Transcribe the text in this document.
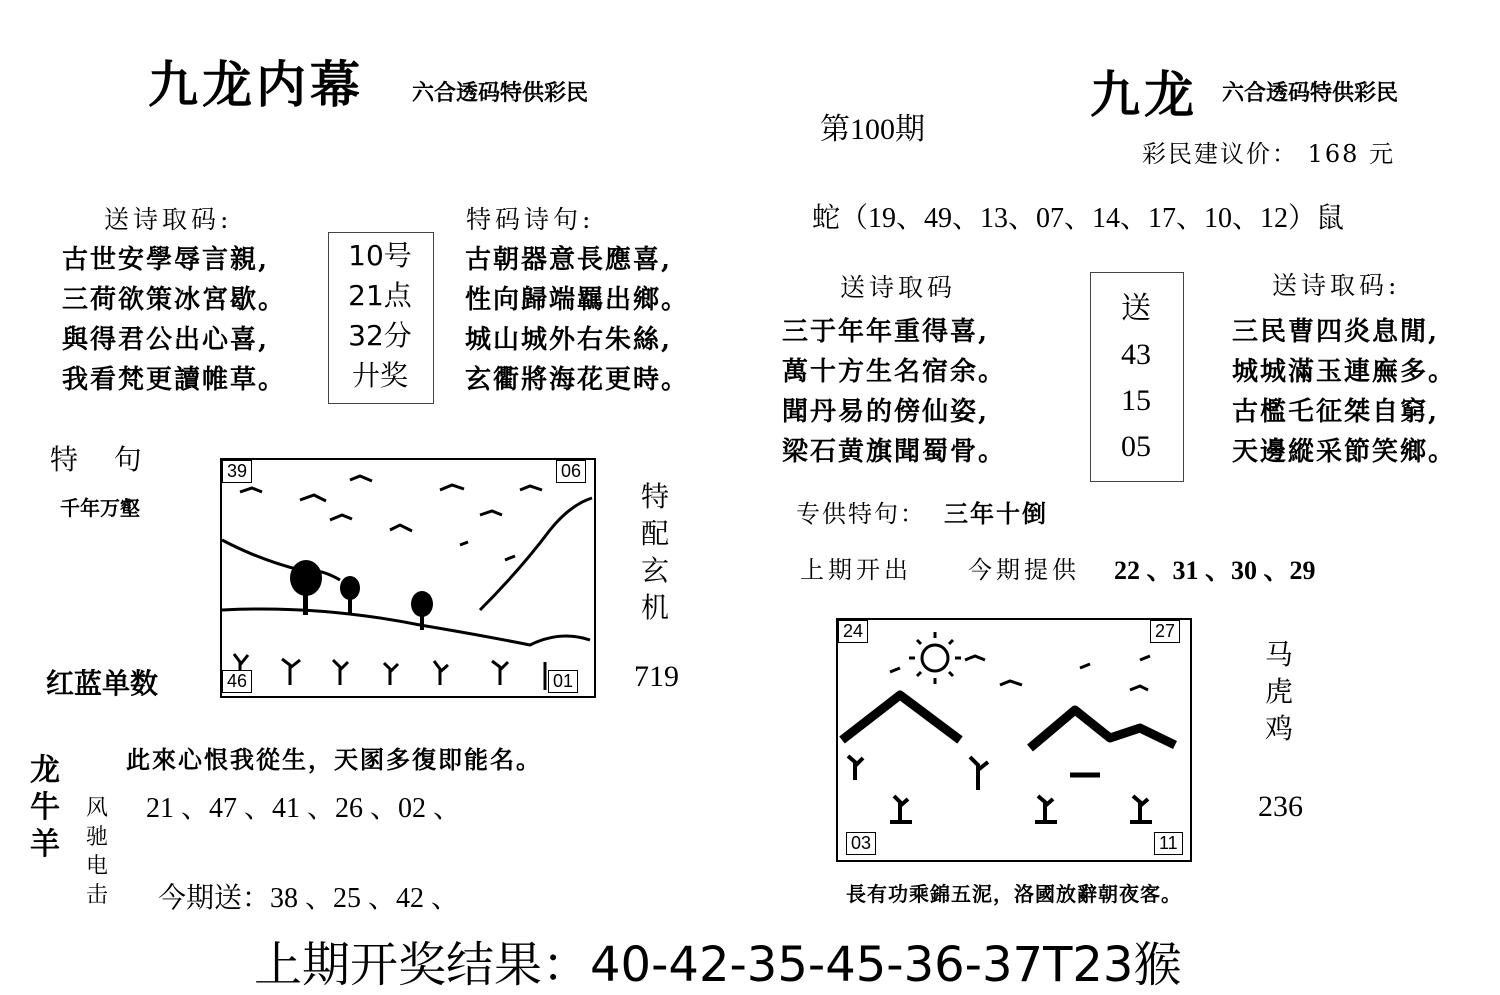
九龙内幕 六合透码特供彩民
送诗取码:
古世安學辱言親,
三荷欲策冰宮歇。
與得君公出心喜,
我看梵更讀帷草。
10号
21点
32分
廾奖
特码诗句:
古朝器意長應喜,
性向歸端羈出鄉。
城山城外右朱絲,
玄衢將海花更時。
特    句
千年万壑
39	06
46	01
特配玄机
红蓝单数	719
此來心恨我從生，天圂多復即能名。
龙牛羊
风驰电击
21 、47 、41 、26 、02 、
今期送：38 、25 、42 、
九龙 六合透码特供彩民
第100期
彩民建议价： 168 元
蛇（19、49、13、07、14、17、10、12）鼠
送诗取码
三于年年重得喜,
萬十方生名宿余。
聞丹易的傍仙姿,
梁石黄旗聞蜀骨。
送
43
15
05
送诗取码:
三民曹四炎息閒,
城城滿玉連廡多。
古檻乇征桀自窮,
天邊縱采節笑鄉。
专供特句： 三年十倒
上期开出 今期提供 22 、31 、30 、29
24	27
03	11
马虎鸡
236
長有功乘錦五泥，洛國放辭朝夜客。
上期开奖结果：40-42-35-45-36-37T23猴
